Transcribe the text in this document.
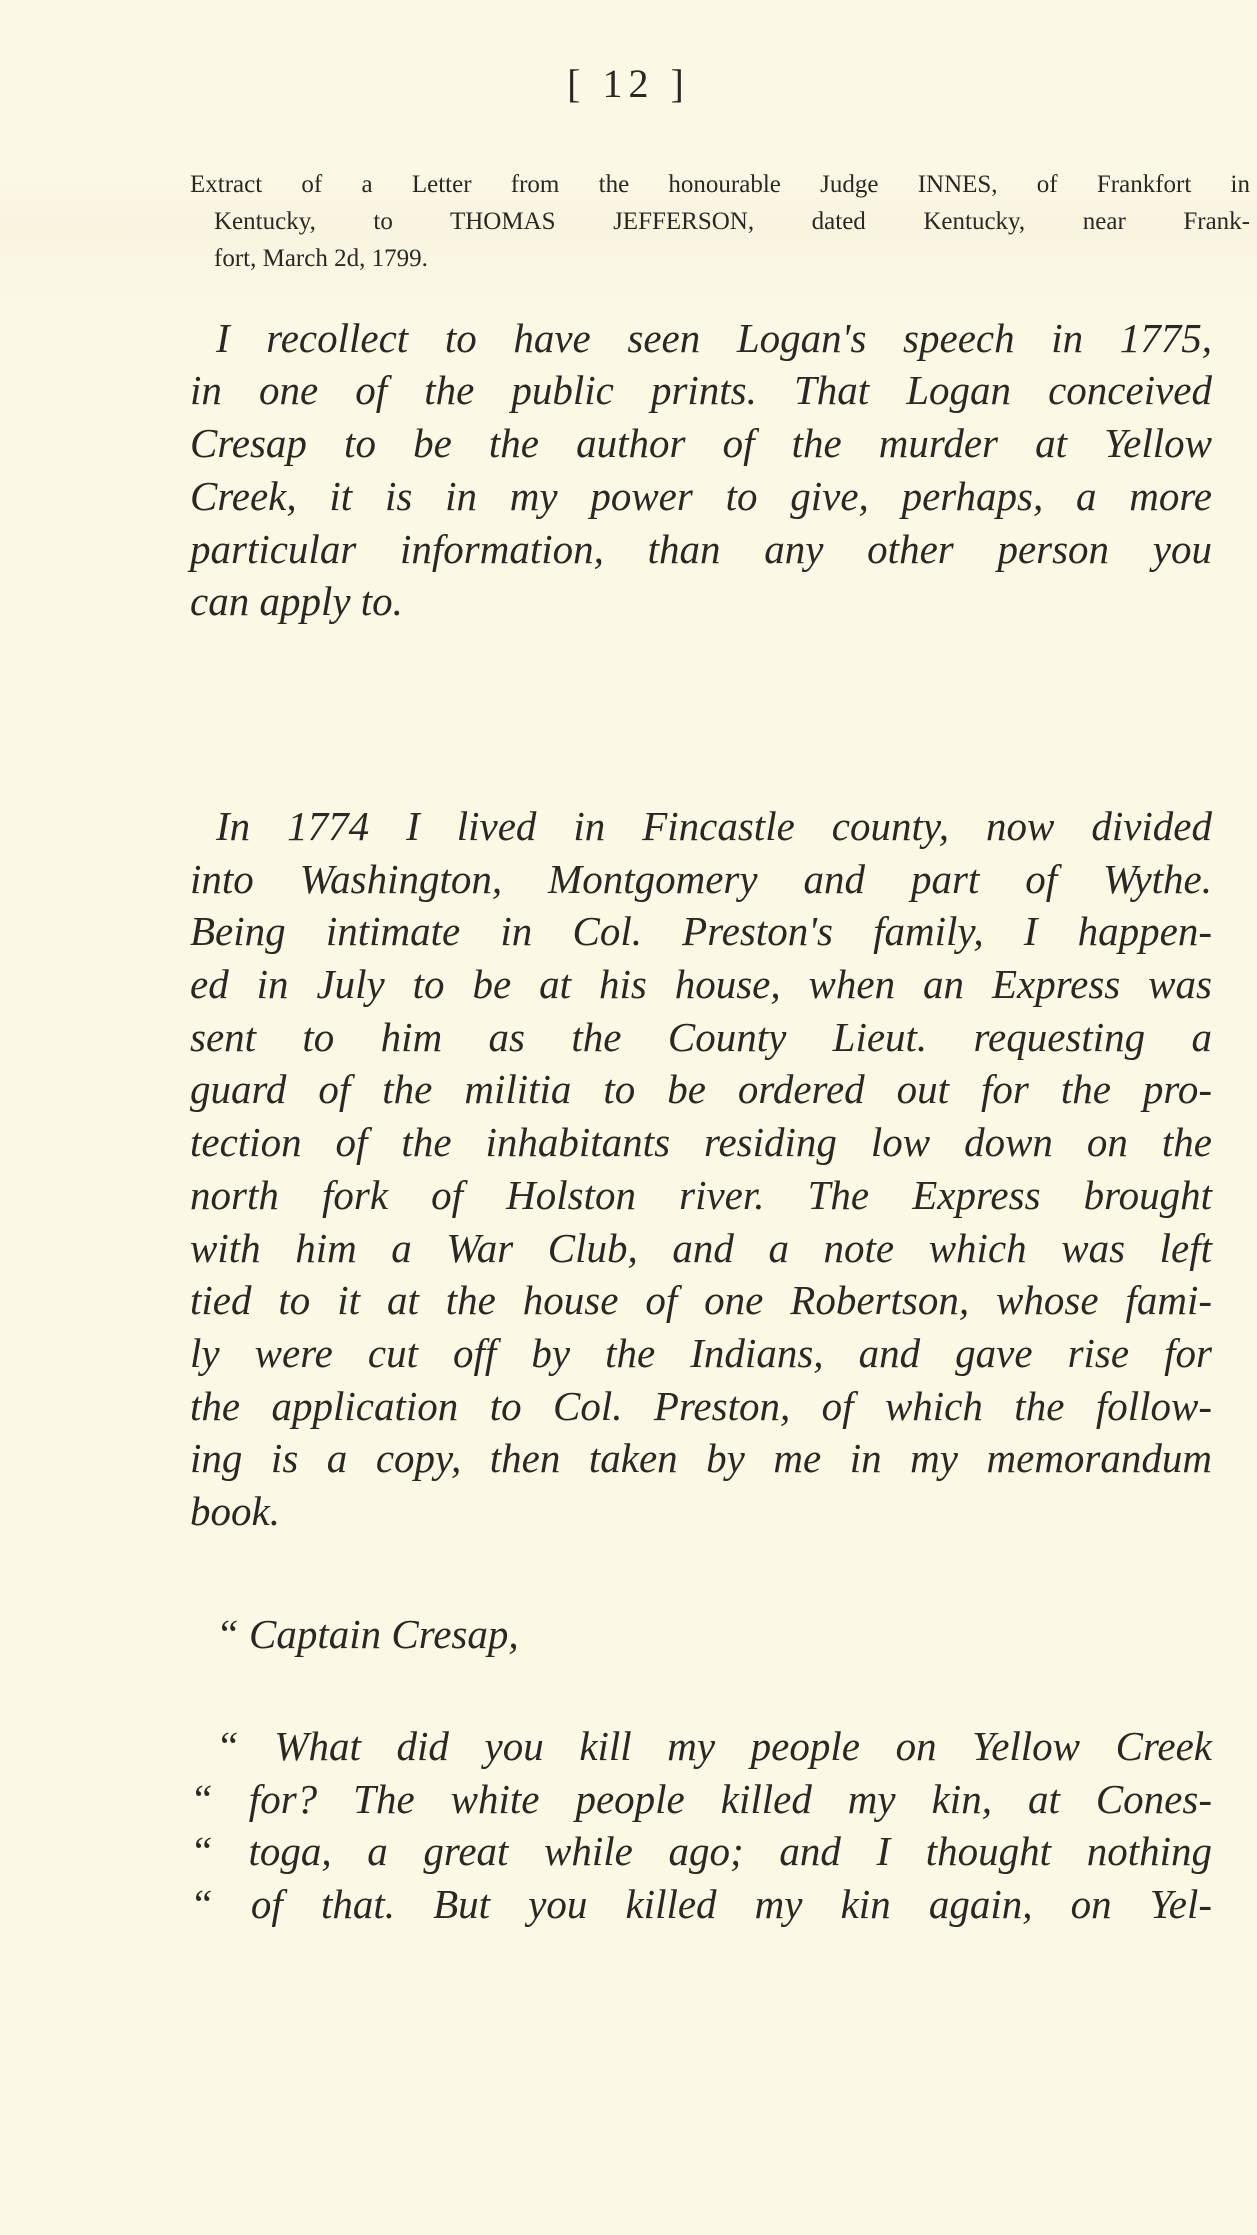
[ 12 ]
Extract of a Letter from the honourable Judge INNES, of Frankfort in
Kentucky, to THOMAS JEFFERSON, dated Kentucky, near Frank-
fort, March 2d, 1799.
I recollect to have seen Logan's speech in 1775,
in one of the public prints. That Logan conceived
Cresap to be the author of the murder at Yellow
Creek, it is in my power to give, perhaps, a more
particular information, than any other person you
can apply to.
In 1774 I lived in Fincastle county, now divided
into Washington, Montgomery and part of Wythe.
Being intimate in Col. Preston's family, I happen-
ed in July to be at his house, when an Express was
sent to him as the County Lieut. requesting a
guard of the militia to be ordered out for the pro-
tection of the inhabitants residing low down on the
north fork of Holston river. The Express brought
with him a War Club, and a note which was left
tied to it at the house of one Robertson, whose fami-
ly were cut off by the Indians, and gave rise for
the application to Col. Preston, of which the follow-
ing is a copy, then taken by me in my memorandum
book.
“ Captain Cresap,
“ What did you kill my people on Yellow Creek
“ for? The white people killed my kin, at Cones-
“ toga, a great while ago; and I thought nothing
“ of that. But you killed my kin again, on Yel-
